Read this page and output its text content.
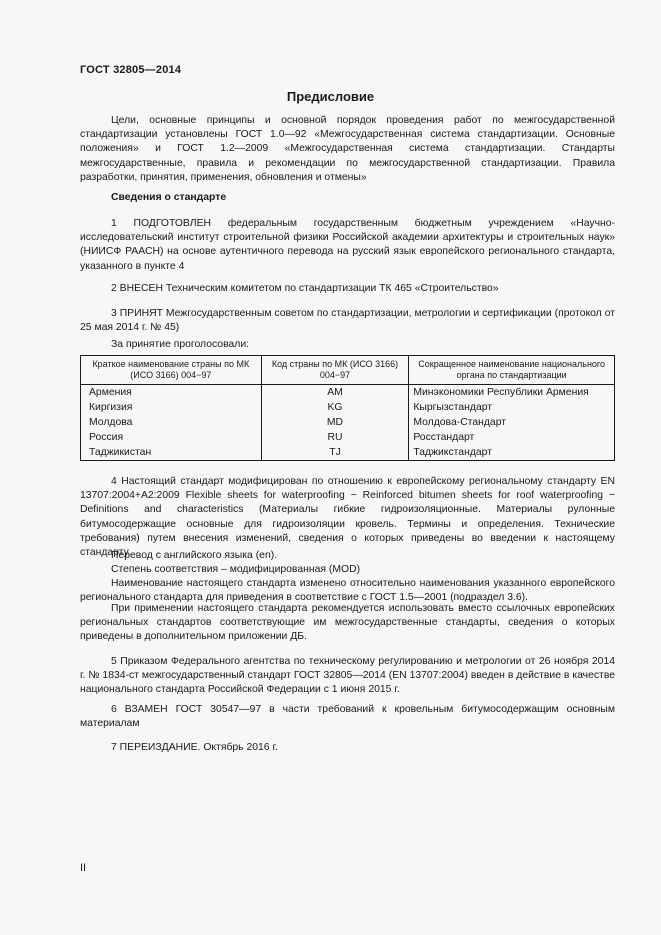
ГОСТ 32805—2014
Предисловие

Цели, основные принципы и основной порядок проведения работ по межгосударственной стандартизации установлены ГОСТ 1.0—92 «Межгосударственная система стандартизации. Основные положения» и ГОСТ 1.2—2009 «Межгосударственная система стандартизации. Стандарты межгосударственные, правила и рекомендации по межгосударственной стандартизации. Правила разработки, принятия, применения, обновления и отмены»

Сведения о стандарте

1 ПОДГОТОВЛЕН федеральным государственным бюджетным учреждением «Научно-исследовательский институт строительной физики Российской академии архитектуры и строительных наук» (НИИСФ РААСН) на основе аутентичного перевода на русский язык европейского регионального стандарта, указанного в пункте 4

2 ВНЕСЕН Техническим комитетом по стандартизации ТК 465 «Строительство»

3 ПРИНЯТ Межгосударственным советом по стандартизации, метрологии и сертификации (протокол от 25 мая 2014 г. № 45)

За принятие проголосовали:

Краткое наименование страны по МК (ИСО 3166) 004−97	Код страны по МК (ИСО 3166) 004−97	Сокращенное наименование национального органа по стандартизации
Армения	AM	Минэкономики Республики Армения
Киргизия	KG	Кыргызстандарт
Молдова	MD	Молдова-Стандарт
Россия	RU	Росстандарт
Таджикистан	TJ	Таджикстандарт

4 Настоящий стандарт модифицирован по отношению к европейскому региональному стандарту EN 13707:2004+A2:2009 Flexible sheets for waterproofing − Reinforced bitumen sheets for roof waterproofing − Definitions and characteristics (Материалы гибкие гидроизоляционные. Материалы рулонные битумосодержащие основные для гидроизоляции кровель. Термины и определения. Технические требования) путем внесения изменений, сведения о которых приведены во введении к настоящему стандарту.

Перевод с английского языка (en).

Степень соответствия – модифицированная (MOD)

Наименование настоящего стандарта изменено относительно наименования указанного европейского регионального стандарта для приведения в соответствие с ГОСТ 1.5—2001 (подраздел 3.6).

При применении настоящего стандарта рекомендуется использовать вместо ссылочных европейских региональных стандартов соответствующие им межгосударственные стандарты, сведения о которых приведены в дополнительном приложении ДБ.

5 Приказом Федерального агентства по техническому регулированию и метрологии от 26 ноября 2014 г. № 1834-ст межгосударственный стандарт ГОСТ 32805—2014 (EN 13707:2004) введен в действие в качестве национального стандарта Российской Федерации с 1 июня 2015 г.

6 ВЗАМЕН ГОСТ 30547—97 в части требований к кровельным битумосодержащим основным материалам

7 ПЕРЕИЗДАНИЕ. Октябрь 2016 г.

II
